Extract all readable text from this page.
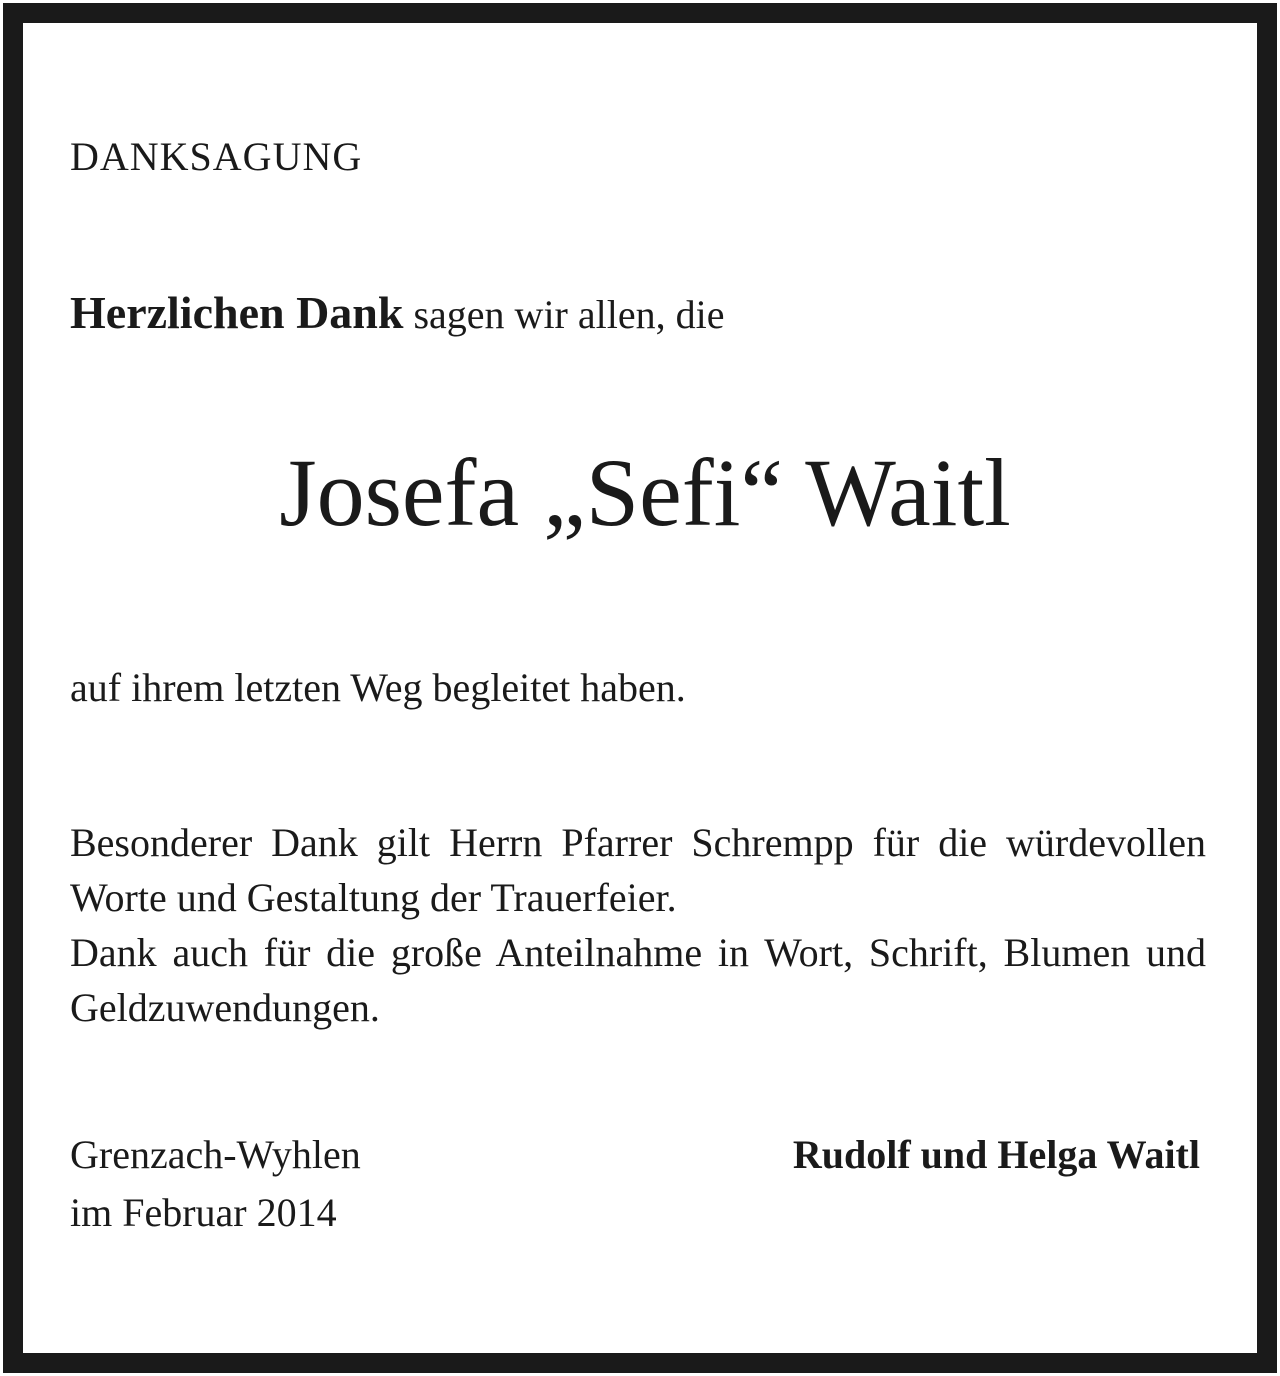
DANKSAGUNG
Herzlichen Dank sagen wir allen, die
Josefa „Sefi“ Waitl
auf ihrem letzten Weg begleitet haben.

Besonderer Dank gilt Herrn Pfarrer Schrempp für die würdevollen Worte und Gestaltung der Trauerfeier.

Dank auch für die große Anteilnahme in Wort, Schrift, Blumen und Geldzuwendungen.

Grenzach-Wyhlen
im Februar 2014
Rudolf und Helga Waitl
